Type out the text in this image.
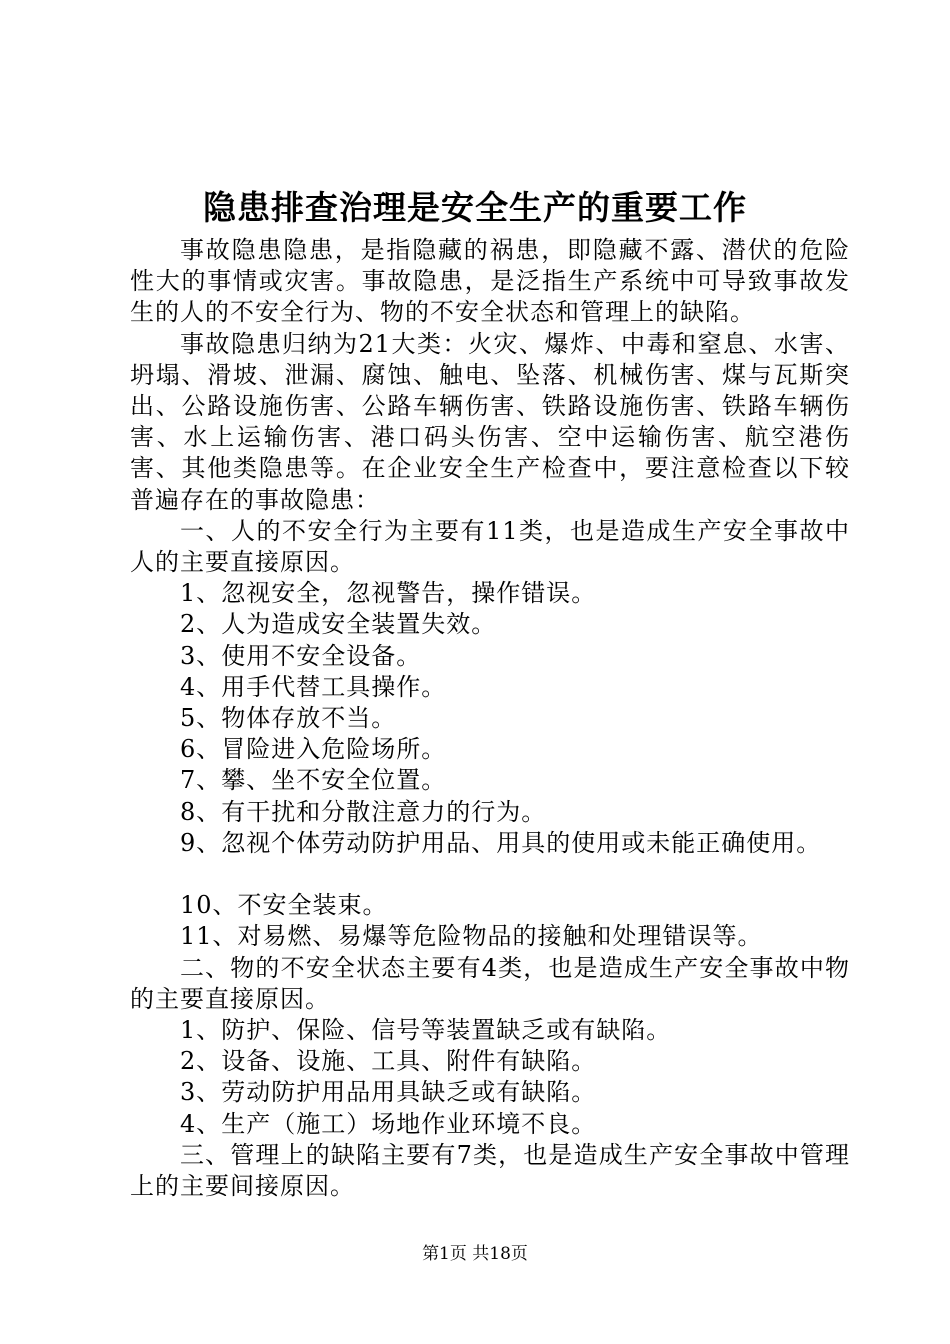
隐患排查治理是安全生产的重要工作

事故隐患隐患，是指隐藏的祸患，即隐藏不露、潜伏的危险性大的事情或灾害。事故隐患，是泛指生产系统中可导致事故发生的人的不安全行为、物的不安全状态和管理上的缺陷。

事故隐患归纳为21大类：火灾、爆炸、中毒和窒息、水害、坍塌、滑坡、泄漏、腐蚀、触电、坠落、机械伤害、煤与瓦斯突出、公路设施伤害、公路车辆伤害、铁路设施伤害、铁路车辆伤害、水上运输伤害、港口码头伤害、空中运输伤害、航空港伤害、其他类隐患等。在企业安全生产检查中，要注意检查以下较普遍存在的事故隐患：

一、人的不安全行为主要有11类，也是造成生产安全事故中人的主要直接原因。

1、忽视安全，忽视警告，操作错误。

2、人为造成安全装置失效。

3、使用不安全设备。

4、用手代替工具操作。

5、物体存放不当。

6、冒险进入危险场所。

7、攀、坐不安全位置。

8、有干扰和分散注意力的行为。

9、忽视个体劳动防护用品、用具的使用或未能正确使用。

10、不安全装束。

11、对易燃、易爆等危险物品的接触和处理错误等。

二、物的不安全状态主要有4类，也是造成生产安全事故中物的主要直接原因。

1、防护、保险、信号等装置缺乏或有缺陷。

2、设备、设施、工具、附件有缺陷。

3、劳动防护用品用具缺乏或有缺陷。

4、生产（施工）场地作业环境不良。

三、管理上的缺陷主要有7类，也是造成生产安全事故中管理上的主要间接原因。

第1页 共18页
